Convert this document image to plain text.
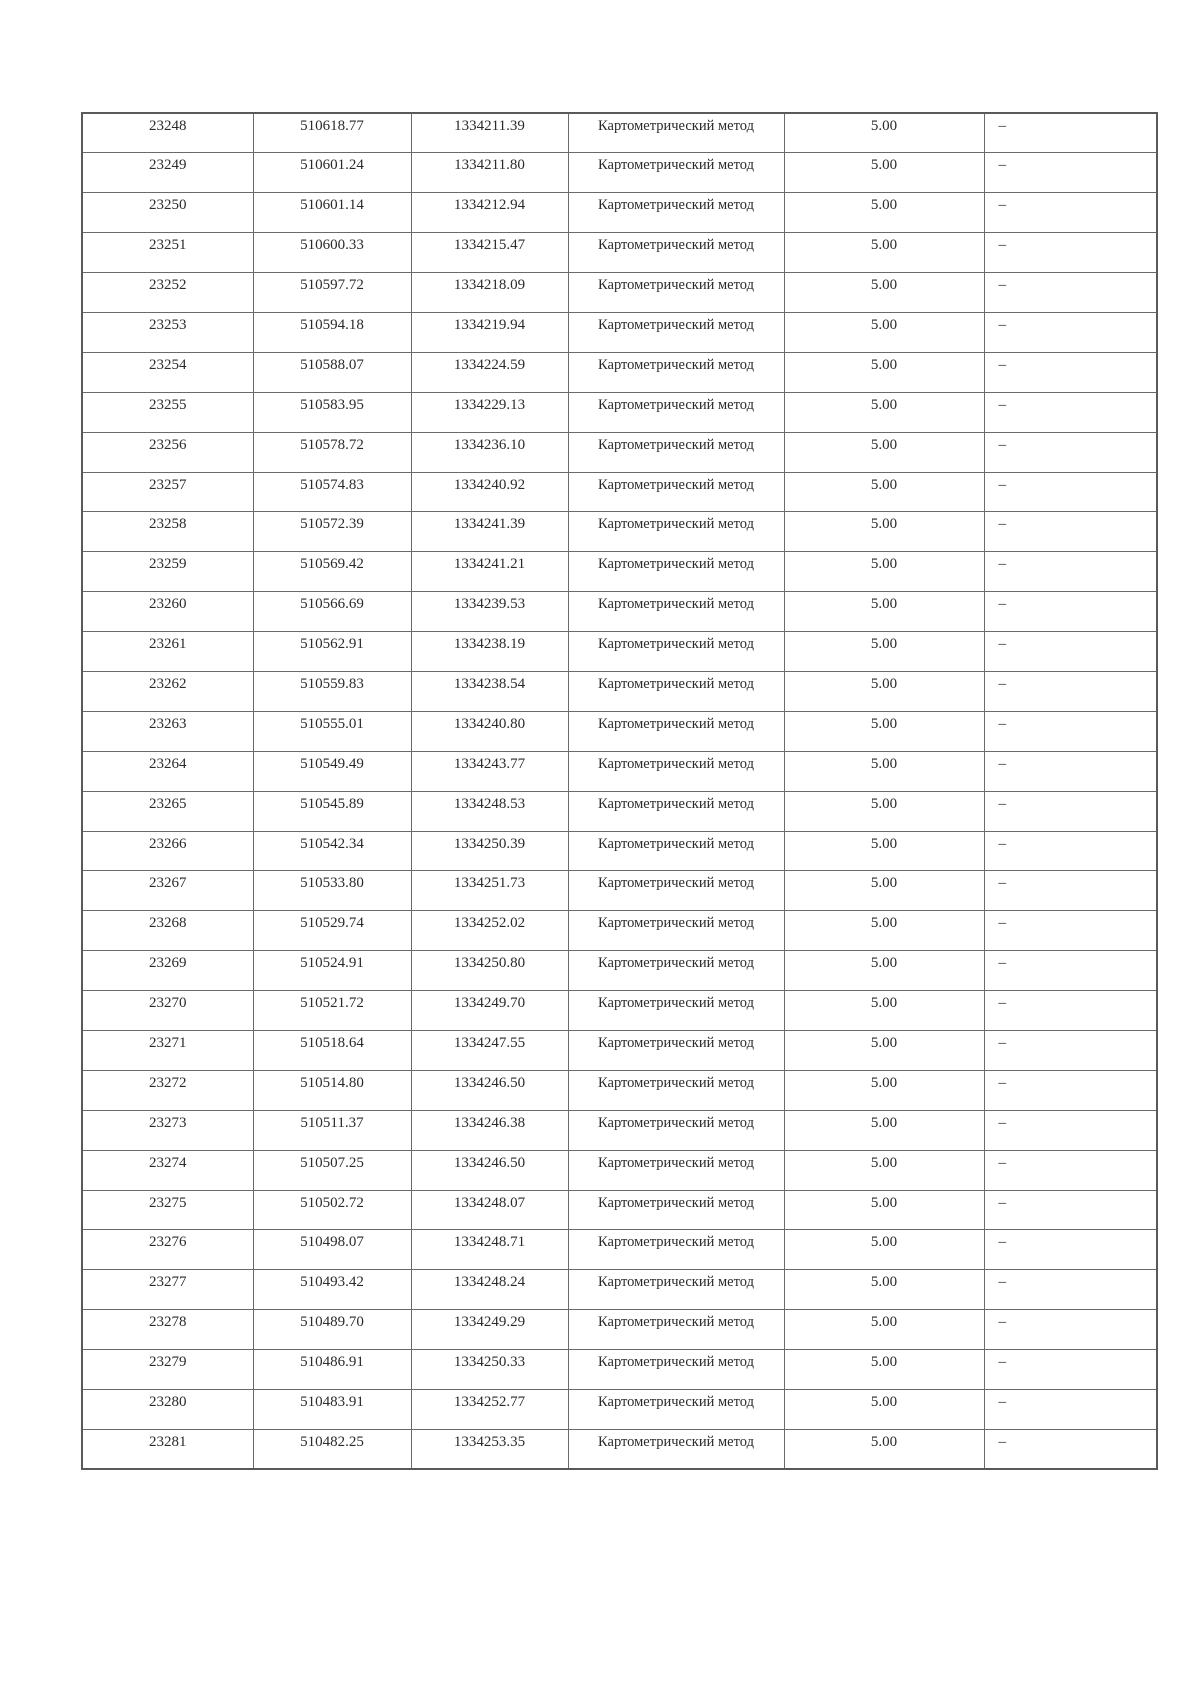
23248	510618.77	1334211.39	Картометрический метод	5.00	–

23249	510601.24	1334211.80	Картометрический метод	5.00	–

23250	510601.14	1334212.94	Картометрический метод	5.00	–

23251	510600.33	1334215.47	Картометрический метод	5.00	–

23252	510597.72	1334218.09	Картометрический метод	5.00	–

23253	510594.18	1334219.94	Картометрический метод	5.00	–

23254	510588.07	1334224.59	Картометрический метод	5.00	–

23255	510583.95	1334229.13	Картометрический метод	5.00	–

23256	510578.72	1334236.10	Картометрический метод	5.00	–

23257	510574.83	1334240.92	Картометрический метод	5.00	–

23258	510572.39	1334241.39	Картометрический метод	5.00	–

23259	510569.42	1334241.21	Картометрический метод	5.00	–

23260	510566.69	1334239.53	Картометрический метод	5.00	–

23261	510562.91	1334238.19	Картометрический метод	5.00	–

23262	510559.83	1334238.54	Картометрический метод	5.00	–

23263	510555.01	1334240.80	Картометрический метод	5.00	–

23264	510549.49	1334243.77	Картометрический метод	5.00	–

23265	510545.89	1334248.53	Картометрический метод	5.00	–

23266	510542.34	1334250.39	Картометрический метод	5.00	–

23267	510533.80	1334251.73	Картометрический метод	5.00	–

23268	510529.74	1334252.02	Картометрический метод	5.00	–

23269	510524.91	1334250.80	Картометрический метод	5.00	–

23270	510521.72	1334249.70	Картометрический метод	5.00	–

23271	510518.64	1334247.55	Картометрический метод	5.00	–

23272	510514.80	1334246.50	Картометрический метод	5.00	–

23273	510511.37	1334246.38	Картометрический метод	5.00	–

23274	510507.25	1334246.50	Картометрический метод	5.00	–

23275	510502.72	1334248.07	Картометрический метод	5.00	–

23276	510498.07	1334248.71	Картометрический метод	5.00	–

23277	510493.42	1334248.24	Картометрический метод	5.00	–

23278	510489.70	1334249.29	Картометрический метод	5.00	–

23279	510486.91	1334250.33	Картометрический метод	5.00	–

23280	510483.91	1334252.77	Картометрический метод	5.00	–

23281	510482.25	1334253.35	Картометрический метод	5.00	–
